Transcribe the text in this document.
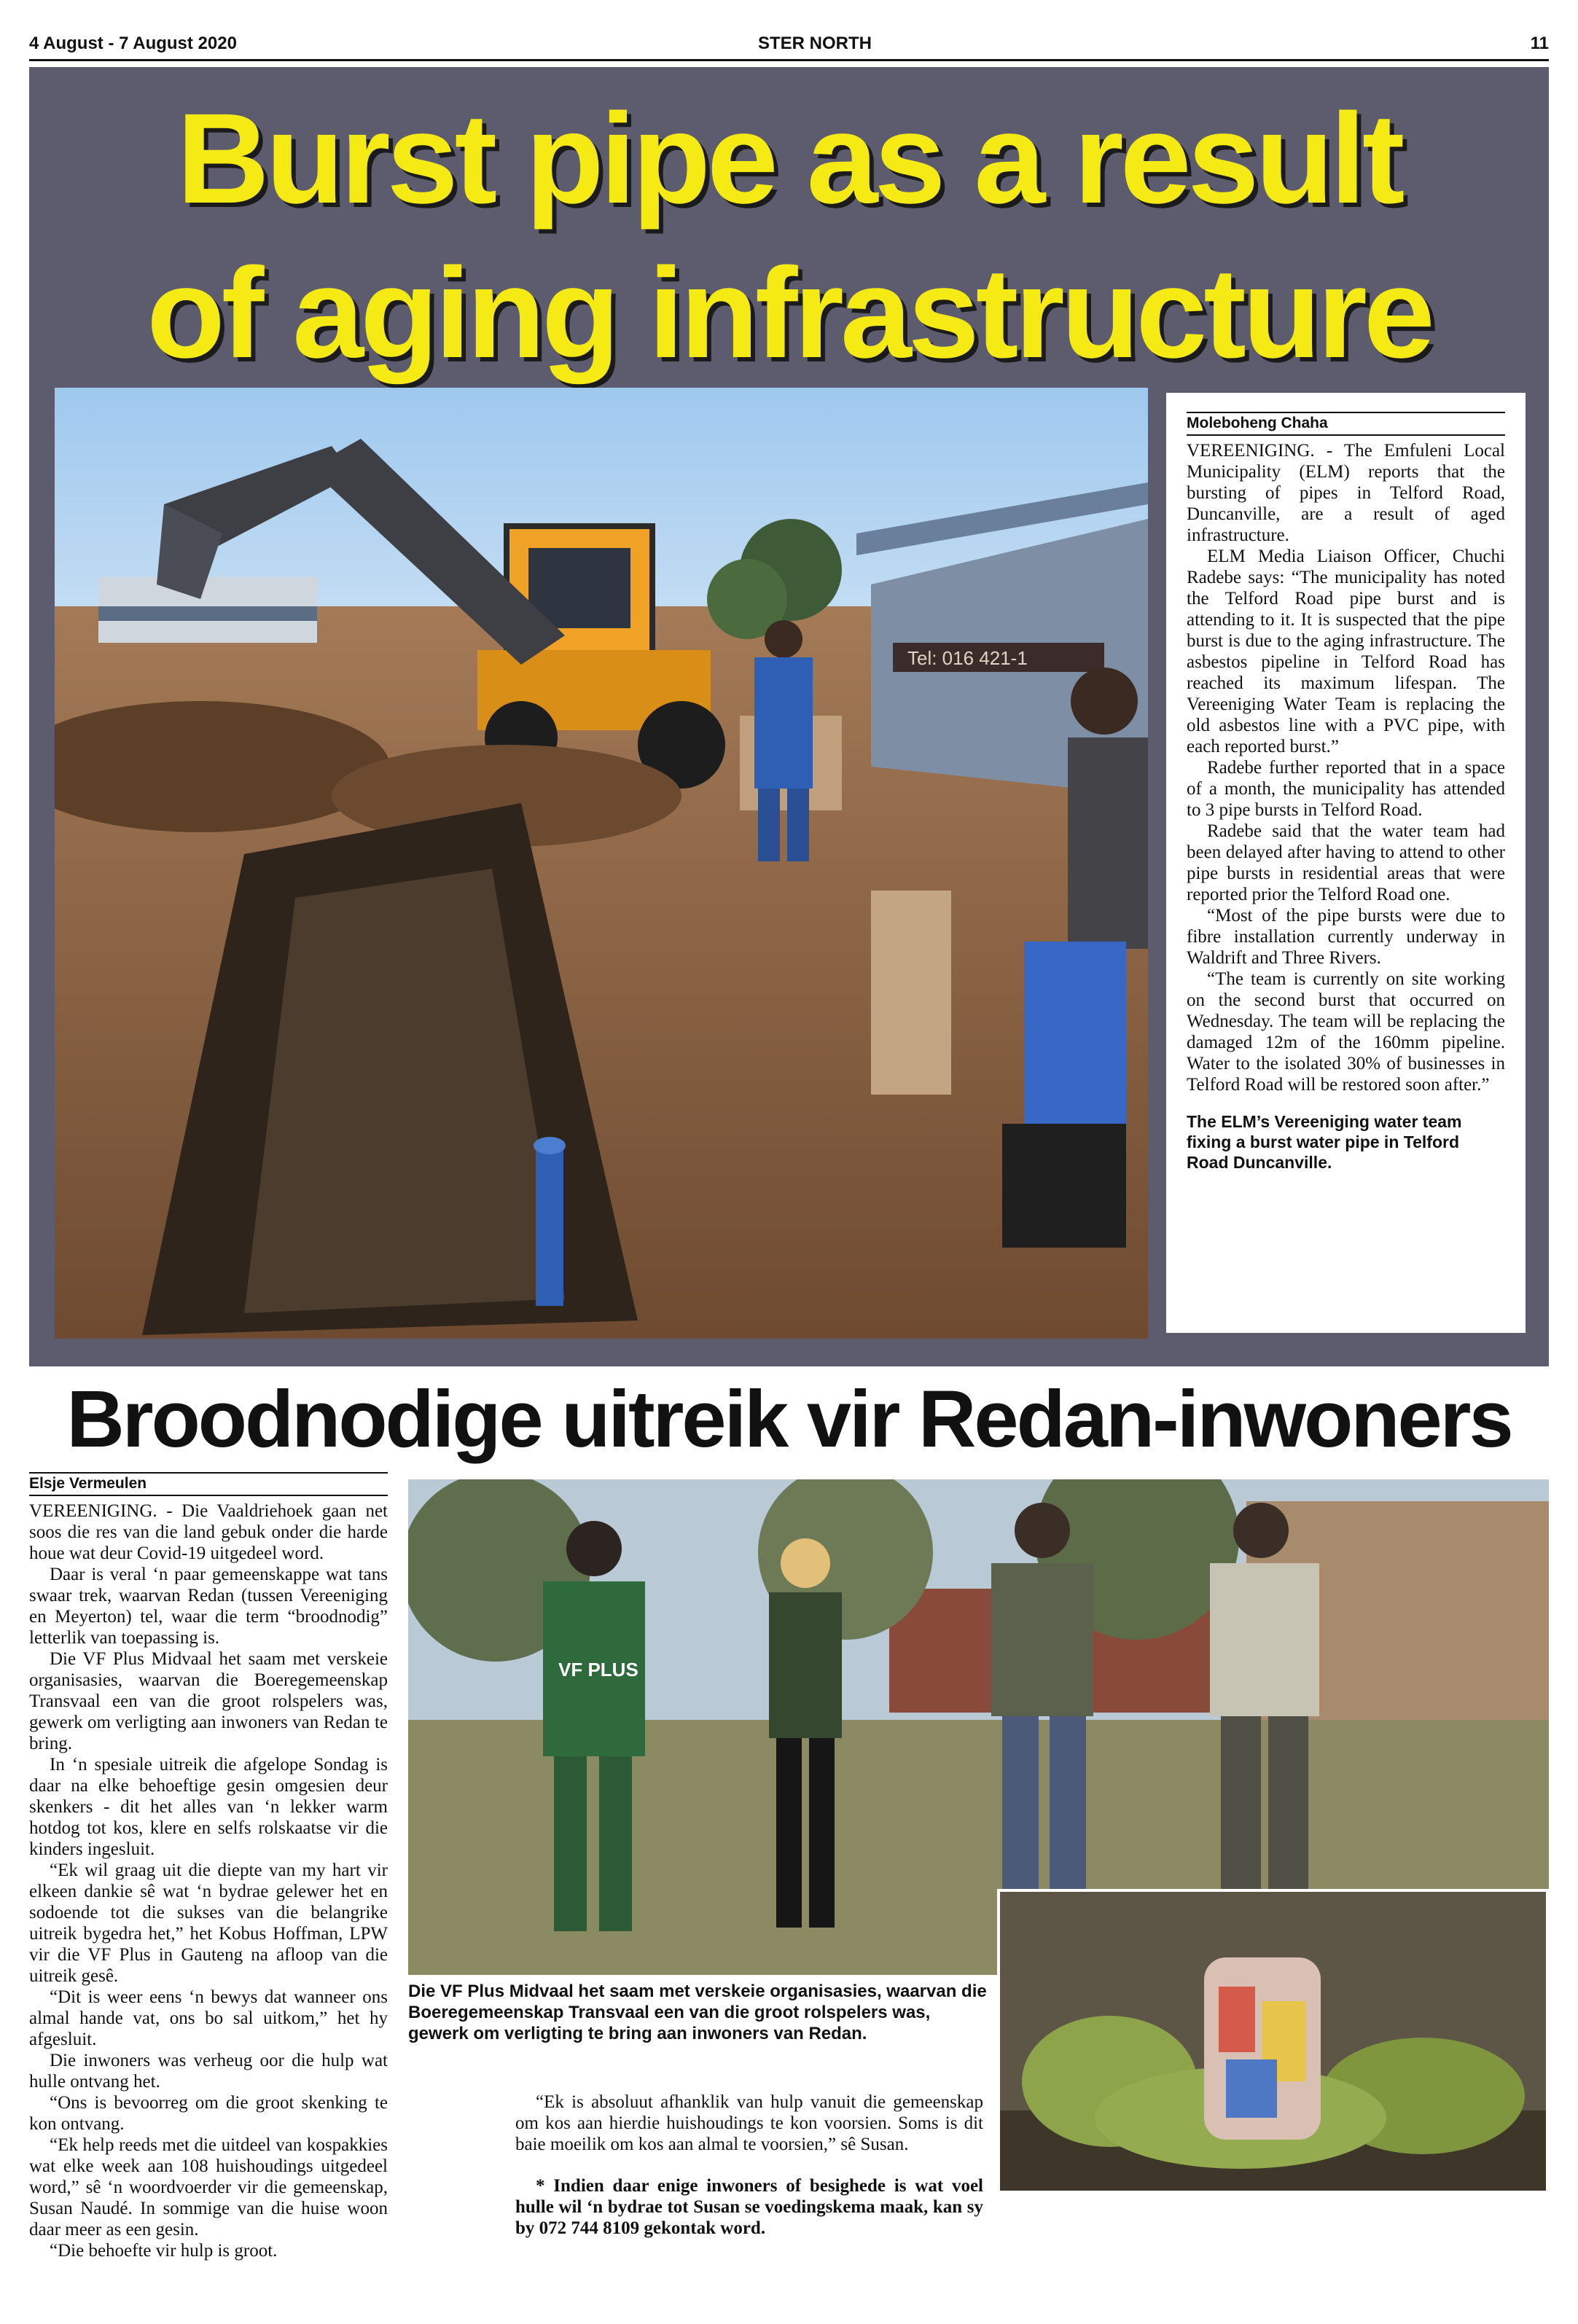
4 August - 7 August 2020	STER NORTH	11
Burst pipe as a result
of aging infrastructure
Tel: 016 421-1
Moleboheng Chaha

VEREENIGING. - The Emfuleni Local Municipality (ELM) reports that the bursting of pipes in Telford Road, Duncanville, are a result of aged infrastructure.

ELM Media Liaison Officer, Chuchi Radebe says: “The municipality has noted the Telford Road pipe burst and is attending to it. It is suspected that the pipe burst is due to the aging infrastructure. The asbestos pipeline in Telford Road has reached its maximum lifespan. The Vereeniging Water Team is replacing the old asbestos line with a PVC pipe, with each reported burst.”

Radebe further reported that in a space of a month, the municipality has attended to 3 pipe bursts in Telford Road.

Radebe said that the water team had been delayed after having to attend to other pipe bursts in residential areas that were reported prior the Telford Road one.

“Most of the pipe bursts were due to fibre installation currently underway in Waldrift and Three Rivers.

“The team is currently on site working on the second burst that occurred on Wednesday. The team will be replacing the damaged 12m of the 160mm pipeline. Water to the isolated 30% of businesses in Telford Road will be restored soon after.”

The ELM’s Vereeniging water team fixing a burst water pipe in Telford Road Duncanville.
Broodnodige uitreik vir Redan-inwoners
Elsje Vermeulen

VEREENIGING. - Die Vaaldriehoek gaan net soos die res van die land gebuk onder die harde houe wat deur Covid-19 uitgedeel word.

Daar is veral ‘n paar gemeenskappe wat tans swaar trek, waarvan Redan (tussen Vereeniging en Meyerton) tel, waar die term “broodnodig” letterlik van toepassing is.

Die VF Plus Midvaal het saam met verskeie organisasies, waarvan die Boeregemeenskap Transvaal een van die groot rolspelers was, gewerk om verligting aan inwoners van Redan te bring.

In ‘n spesiale uitreik die afgelope Sondag is daar na elke behoeftige gesin omgesien deur skenkers - dit het alles van ‘n lekker warm hotdog tot kos, klere en selfs rolskaatse vir die kinders ingesluit.

“Ek wil graag uit die diepte van my hart vir elkeen dankie sê wat ‘n bydrae gelewer het en sodoende tot die sukses van die belangrike uitreik bygedra het,” het Kobus Hoffman, LPW vir die VF Plus in Gauteng na afloop van die uitreik gesê.

“Dit is weer eens ‘n bewys dat wanneer ons almal hande vat, ons bo sal uitkom,” het hy afgesluit.

Die inwoners was verheug oor die hulp wat hulle ontvang het.

“Ons is bevoorreg om die groot skenking te kon ontvang.

“Ek help reeds met die uitdeel van kospakkies wat elke week aan 108 huishoudings uitgedeel word,” sê ‘n woordvoerder vir die gemeenskap, Susan Naudé. In sommige van die huise woon daar meer as een gesin.

“Die behoefte vir hulp is groot.

VF PLUS
Die VF Plus Midvaal het saam met verskeie organisasies, waarvan die Boeregemeenskap Transvaal een van die groot rolspelers was, gewerk om verligting te bring aan inwoners van Redan.

“Ek is absoluut afhanklik van hulp vanuit die gemeenskap om kos aan hierdie huishoudings te kon voorsien. Soms is dit baie moeilik om kos aan almal te voorsien,” sê Susan.

* Indien daar enige inwoners of besighede is wat voel hulle wil ‘n bydrae tot Susan se voedingskema maak, kan sy by 072 744 8109 gekontak word.
